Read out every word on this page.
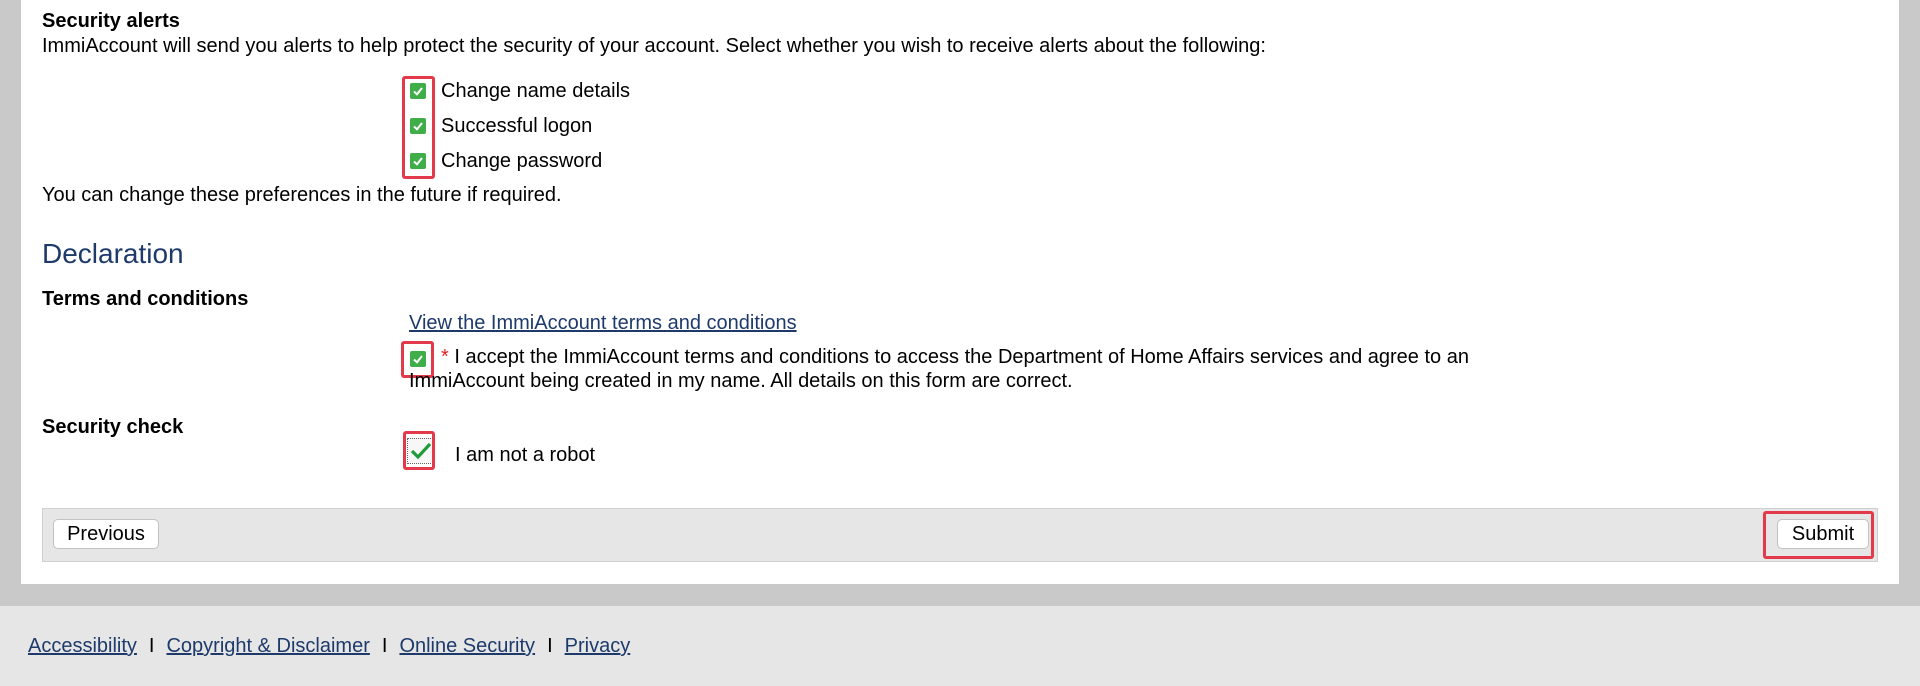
Security alerts
ImmiAccount will send you alerts to help protect the security of your account. Select whether you wish to receive alerts about the following:
Change name details
Successful logon
Change password
You can change these preferences in the future if required.
Declaration
Terms and conditions
View the ImmiAccount terms and conditions
* I accept the ImmiAccount terms and conditions to access the Department of Home Affairs services and agree to an
ImmiAccount being created in my name. All details on this form are correct.
Security check
I am not a robot
Previous	Submit
Accessibility I Copyright & Disclaimer I Online Security I Privacy
